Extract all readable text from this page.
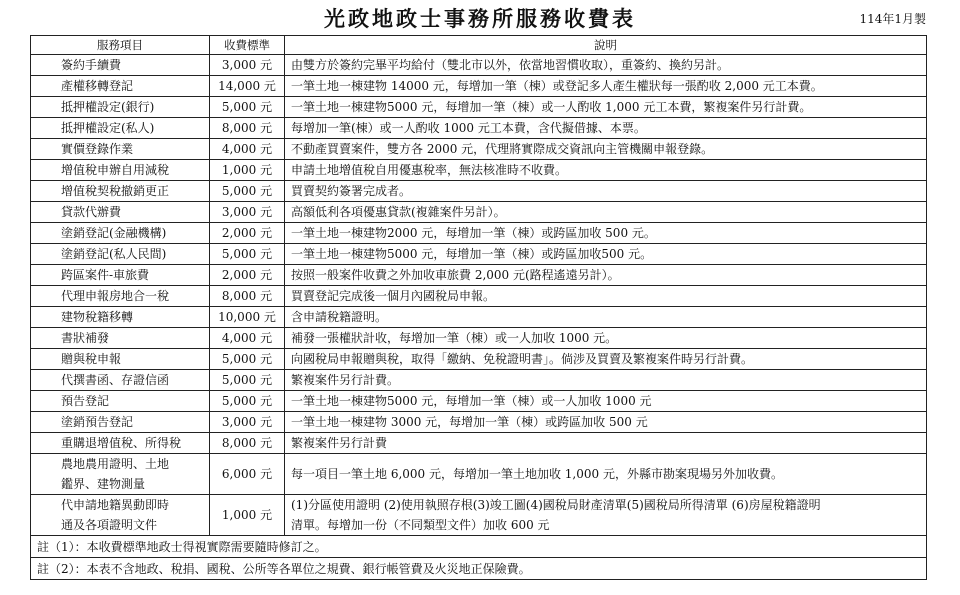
光政地政士事務所服務收費表	114年1月製
服務項目	收費標準	說明
簽約手續費	3,000 元	由雙方於簽約完畢平均給付（雙北市以外，依當地習慣收取），重簽約、換約另計。
產權移轉登記	14,000 元	一筆土地一棟建物 14000 元，每增加一筆（棟）或登記多人產生權狀每一張酌收 2,000 元工本費。
抵押權設定(銀行)	5,000 元	一筆土地一棟建物5000 元，每增加一筆（棟）或一人酌收 1,000 元工本費，繁複案件另行計費。
抵押權設定(私人)	8,000 元	每增加一筆(棟）或一人酌收 1000 元工本費，含代擬借據、本票。
實價登錄作業	4,000 元	不動產買賣案件，雙方各 2000 元，代理將實際成交資訊向主管機關申報登錄。
增值稅申辦自用減稅	1,000 元	申請土地增值稅自用優惠稅率，無法核准時不收費。
增值稅契稅撤銷更正	5,000 元	買賣契約簽署完成者。
貸款代辦費	3,000 元	高額低利各項優惠貸款(複雜案件另計）。
塗銷登記(金融機構)	2,000 元	一筆土地一棟建物2000 元，每增加一筆（棟）或跨區加收 500 元。
塗銷登記(私人民間)	5,000 元	一筆土地一棟建物5000 元，每增加一筆（棟）或跨區加收500 元。
跨區案件-車旅費	2,000 元	按照一般案件收費之外加收車旅費 2,000 元(路程遙遠另計）。
代理申報房地合一稅	8,000 元	買賣登記完成後一個月內國稅局申報。
建物稅籍移轉	10,000 元	含申請稅籍證明。
書狀補發	4,000 元	補發一張權狀計收，每增加一筆（棟）或一人加收 1000 元。
贈與稅申報	5,000 元	向國稅局申報贈與稅，取得「繳納、免稅證明書」。倘涉及買賣及繁複案件時另行計費。
代撰書函、存證信函	5,000 元	繁複案件另行計費。
預告登記	5,000 元	一筆土地一棟建物5000 元，每增加一筆（棟）或一人加收 1000 元
塗銷預告登記	3,000 元	一筆土地一棟建物 3000 元，每增加一筆（棟）或跨區加收 500 元
重購退增值稅、所得稅	8,000 元	繁複案件另行計費
農地農用證明、土地
鑑界、建物測量	6,000 元	每一項目一筆土地 6,000 元，每增加一筆土地加收 1,000 元，外縣市勘案現場另外加收費。
代申請地籍異動即時
通及各項證明文件	1,000 元	(1)分區使用證明 (2)使用執照存根(3)竣工圖(4)國稅局財產清單(5)國稅局所得清單 (6)房屋稅籍證明
清單。每增加一份（不同類型文件）加收 600 元
註（1）：本收費標準地政士得視實際需要隨時修訂之。		
註（2）：本表不含地政、稅捐、國稅、公所等各單位之規費、銀行帳管費及火災地正保險費。		
